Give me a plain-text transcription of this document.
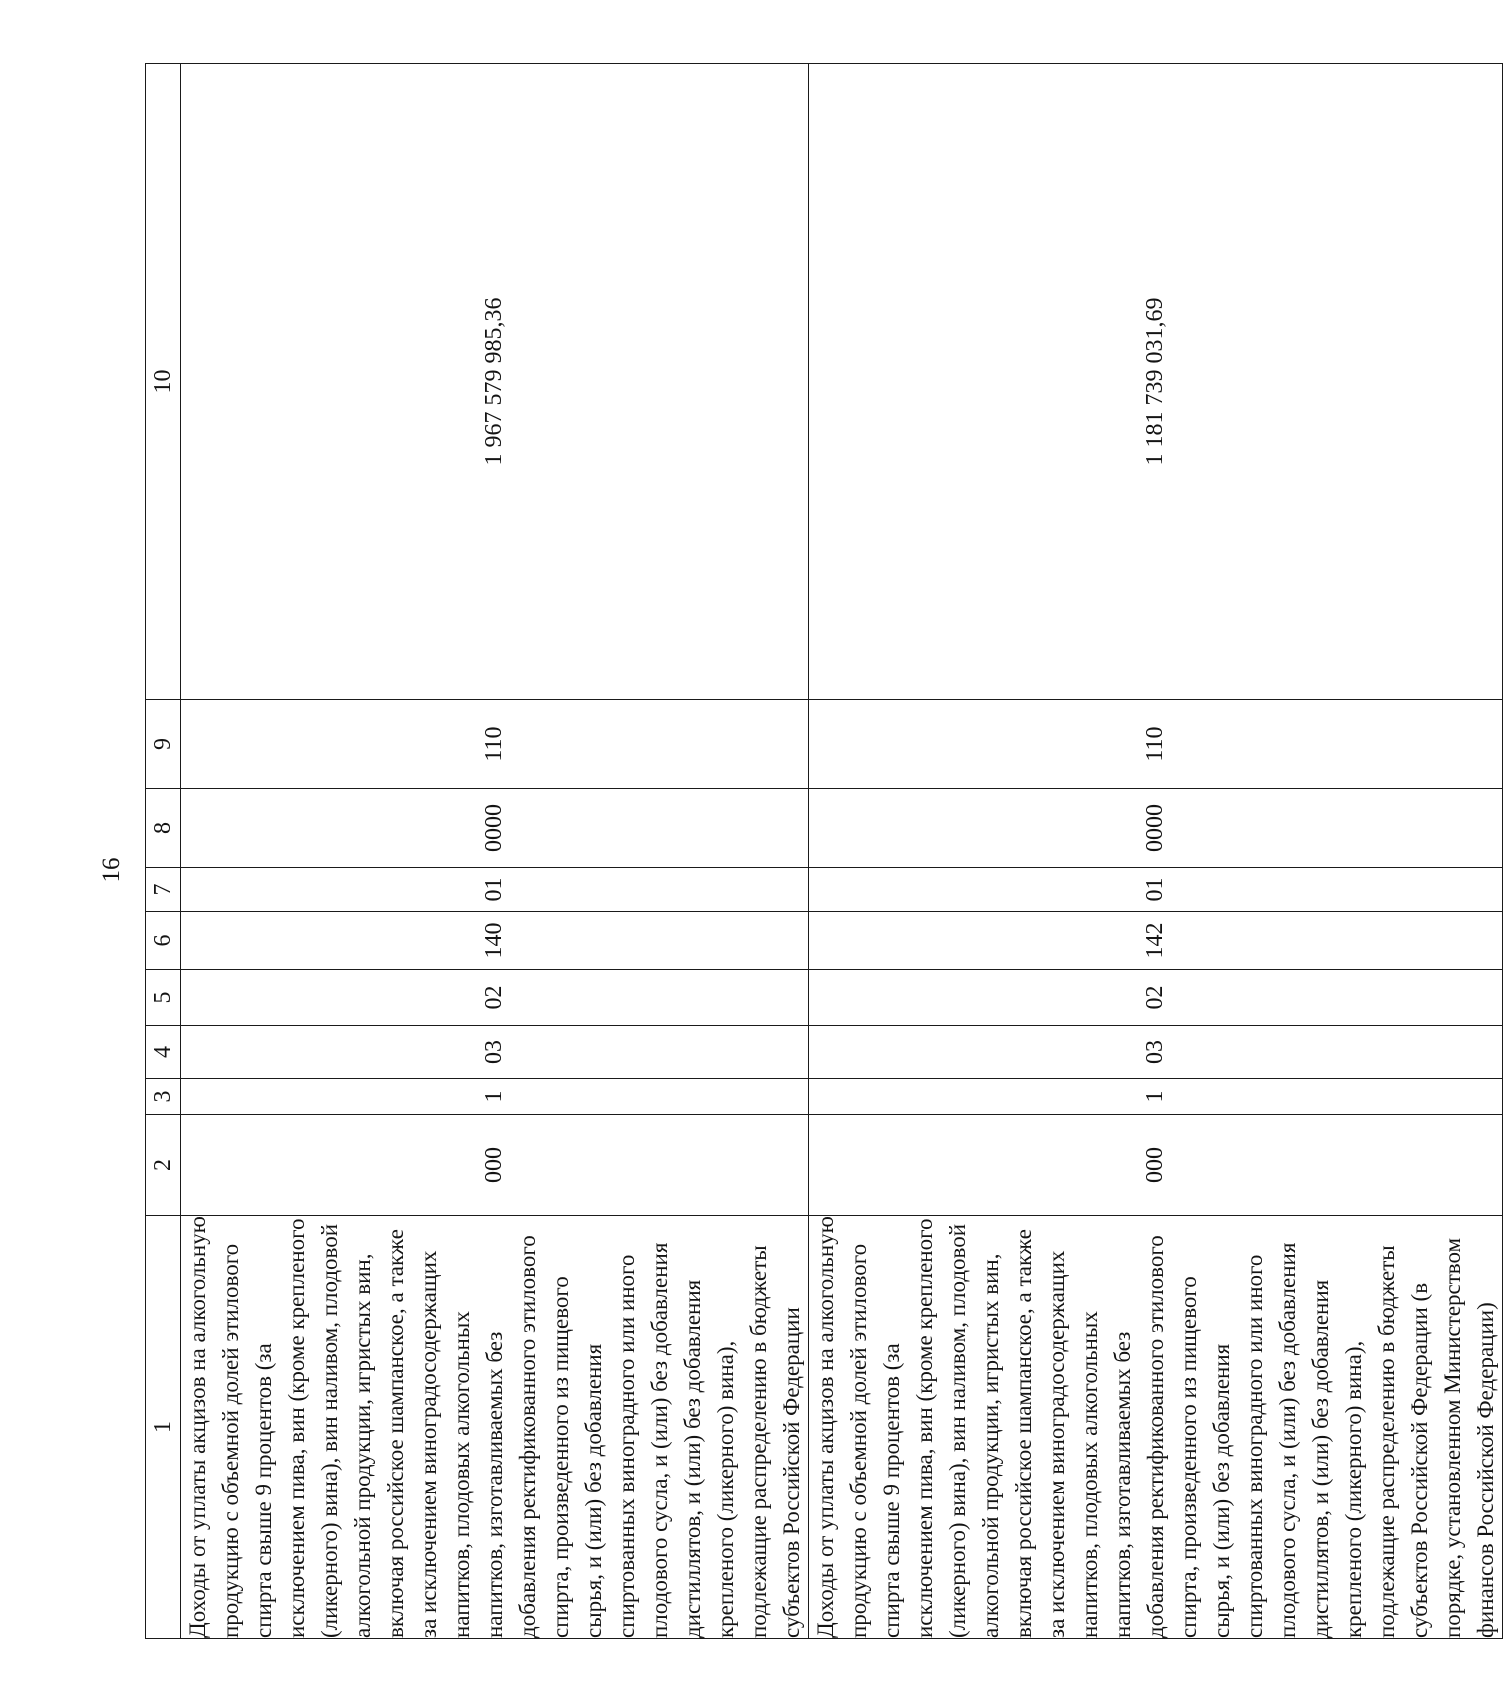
16
1	2	3	4	5	6	7	8	9	10
Доходы от уплаты акцизов на алкогольную продукцию с объемной долей этилового спирта свыше 9 процентов (за исключением пива, вин (кроме крепленого (ликерного) вина), вин наливом, плодовой алкогольной продукции, игристых вин, включая российское шампанское, а также за исключением виноградосодержащих напитков, плодовых алкогольных напитков, изготавливаемых без добавления ректификованного этилового спирта, произведенного из пищевого сырья, и (или) без добавления спиртованных виноградного или иного плодового сусла, и (или) без добавления дистиллятов, и (или) без добавления крепленого (ликерного) вина), подлежащие распределению в бюджеты субъектов Российской Федерации	000	1	03	02	140	01	0000	110	1 967 579 985,36
Доходы от уплаты акцизов на алкогольную продукцию с объемной долей этилового спирта свыше 9 процентов (за исключением пива, вин (кроме крепленого (ликерного) вина), вин наливом, плодовой алкогольной продукции, игристых вин, включая российское шампанское, а также за исключением виноградосодержащих напитков, плодовых алкогольных напитков, изготавливаемых без добавления ректификованного этилового спирта, произведенного из пищевого сырья, и (или) без добавления спиртованных виноградного или иного плодового сусла, и (или) без добавления дистиллятов, и (или) без добавления крепленого (ликерного) вина), подлежащие распределению в бюджеты субъектов Российской Федерации (в порядке, установленном Министерством финансов Российской Федерации)	000	1	03	02	142	01	0000	110	1 181 739 031,69
